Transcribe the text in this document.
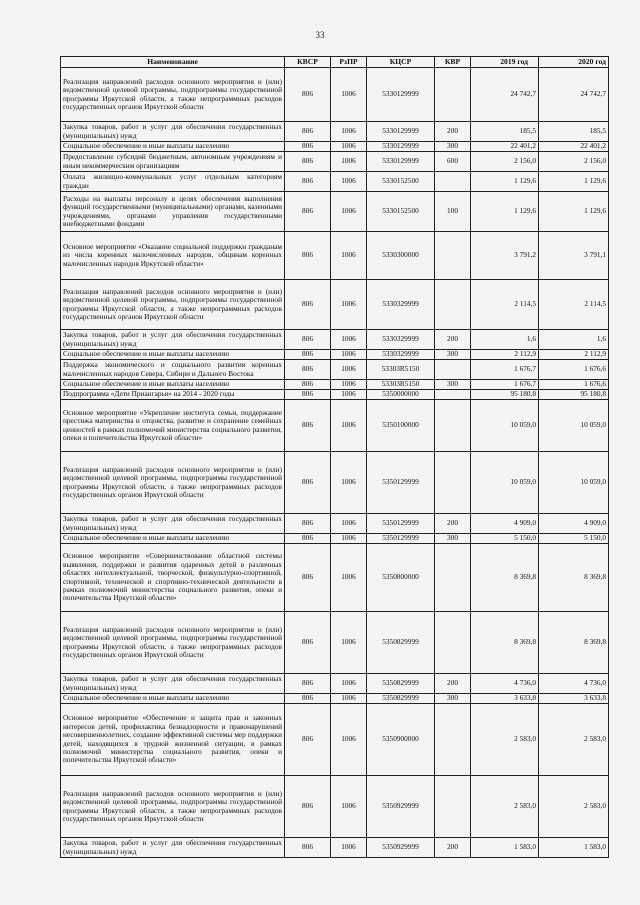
33
Наименование	КВСР	РзПР	КЦСР	КВР	2019 год	2020 год
Реализация направлений расходов основного мероприятия и (или) ведомственной целевой программы, подпрограммы государственной программы Иркутской области, а также непрограммных расходов государственных органов Иркутской области	806	1006	5330129999		24 742,7	24 742,7
Закупка товаров, работ и услуг для обеспечения государственных (муниципальных) нужд	806	1006	5330129999	200	185,5	185,5
Социальное обеспечение и иные выплаты населению	806	1006	5330129999	300	22 401,2	22 401,2
Предоставление субсидий бюджетным, автономным учреждениям и иным некоммерческим организациям	806	1006	5330129999	600	2 156,0	2 156,0
Оплата жилищно-коммунальных услуг отдельным категориям граждан	806	1006	5330152500		1 129,6	1 129,6
Расходы на выплаты персоналу в целях обеспечения выполнения функций государственными (муниципальными) органами, казенными учреждениями, органами управления государственными внебюджетными фондами	806	1006	5330152500	100	1 129,6	1 129,6
Основное мероприятие «Оказание социальной поддержки гражданам из числа коренных малочисленных народов, общинам коренных малочисленных народов Иркутской области»	806	1006	5330300000		3 791,2	3 791,1
Реализация направлений расходов основного мероприятия и (или) ведомственной целевой программы, подпрограммы государственной программы Иркутской области, а также непрограммных расходов государственных органов Иркутской области	806	1006	5330329999		2 114,5	2 114,5
Закупка товаров, работ и услуг для обеспечения государственных (муниципальных) нужд	806	1006	5330329999	200	1,6	1,6
Социальное обеспечение и иные выплаты населению	806	1006	5330329999	300	2 112,9	2 112,9
Поддержка экономического и социального развития коренных малочисленных народов Севера, Сибири и Дальнего Востока	806	1006	53303R5150		1 676,7	1 676,6
Социальное обеспечение и иные выплаты населению	806	1006	53303R5150	300	1 676,7	1 676,6
Подпрограмма «Дети Приангарья» на 2014 - 2020 годы	806	1006	5350000000		95 180,8	95 180,8
Основное мероприятие «Укрепление института семьи, поддержание престижа материнства и отцовства, развитие и сохранение семейных ценностей в рамках полномочий министерства социального развития, опеки и попечительства Иркутской области»	806	1006	5350100000		10 059,0	10 059,0
Реализация направлений расходов основного мероприятия и (или) ведомственной целевой программы, подпрограммы государственной программы Иркутской области, а также непрограммных расходов государственных органов Иркутской области	806	1006	5350129999		10 059,0	10 059,0
Закупка товаров, работ и услуг для обеспечения государственных (муниципальных) нужд	806	1006	5350129999	200	4 909,0	4 909,0
Социальное обеспечение и иные выплаты населению	806	1006	5350129999	300	5 150,0	5 150,0
Основное мероприятие «Совершенствование областной системы выявления, поддержки и развития одаренных детей в различных областях интеллектуальной, творческой, физкультурно-спортивной, спортивной, технической и спортивно-технической деятельности в рамках полномочий министерства социального развития, опеки и попечительства Иркутской области»	806	1006	5350800000		8 369,8	8 369,8
Реализация направлений расходов основного мероприятия и (или) ведомственной целевой программы, подпрограммы государственной программы Иркутской области, а также непрограммных расходов государственных органов Иркутской области	806	1006	5350829999		8 369,8	8 369,8
Закупка товаров, работ и услуг для обеспечения государственных (муниципальных) нужд	806	1006	5350829999	200	4 736,0	4 736,0
Социальное обеспечение и иные выплаты населению	806	1006	5350829999	300	3 633,8	3 633,8
Основное мероприятие «Обеспечение и защита прав и законных интересов детей, профилактика безнадзорности и правонарушений несовершеннолетних, создание эффективной системы мер поддержки детей, находящихся в трудной жизненной ситуации, в рамках полномочий министерства социального развития, опеки и попечительства Иркутской области»	806	1006	5350900000		2 583,0	2 583,0
Реализация направлений расходов основного мероприятия и (или) ведомственной целевой программы, подпрограммы государственной программы Иркутской области, а также непрограммных расходов государственных органов Иркутской области	806	1006	5350929999		2 583,0	2 583,0
Закупка товаров, работ и услуг для обеспечения государственных (муниципальных) нужд	806	1006	5350929999	200	1 583,0	1 583,0
